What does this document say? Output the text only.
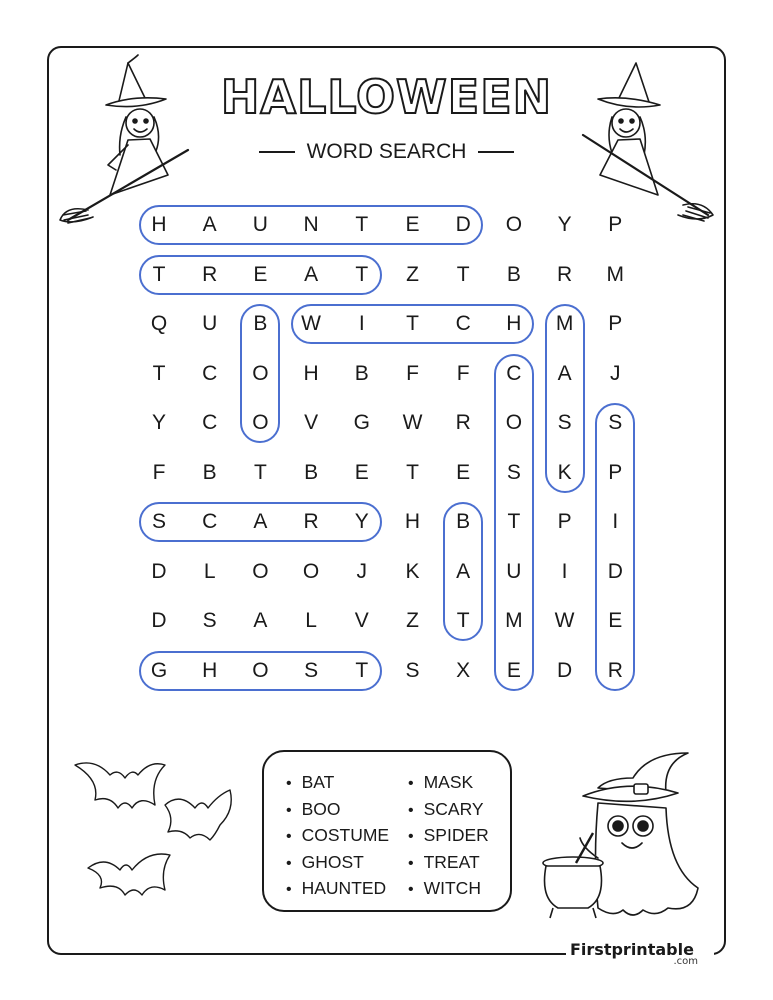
HALLOWEEN
WORD SEARCH
H	A	U	N	T	E	D	O	Y	P
T	R	E	A	T	Z	T	B	R	M
Q	U	B	W	I	T	C	H	M	P
T	C	O	H	B	F	F	C	A	J
Y	C	O	V	G	W	R	O	S	S
F	B	T	B	E	T	E	S	K	P
S	C	A	R	Y	H	B	T	P	I
D	L	O	O	J	K	A	U	I	D
D	S	A	L	V	Z	T	M	W	E
G	H	O	S	T	S	X	E	D	R
• BAT
• BOO
• COSTUME
• GHOST
• HAUNTED
• MASK
• SCARY
• SPIDER
• TREAT
• WITCH
Firstprintable
.com
